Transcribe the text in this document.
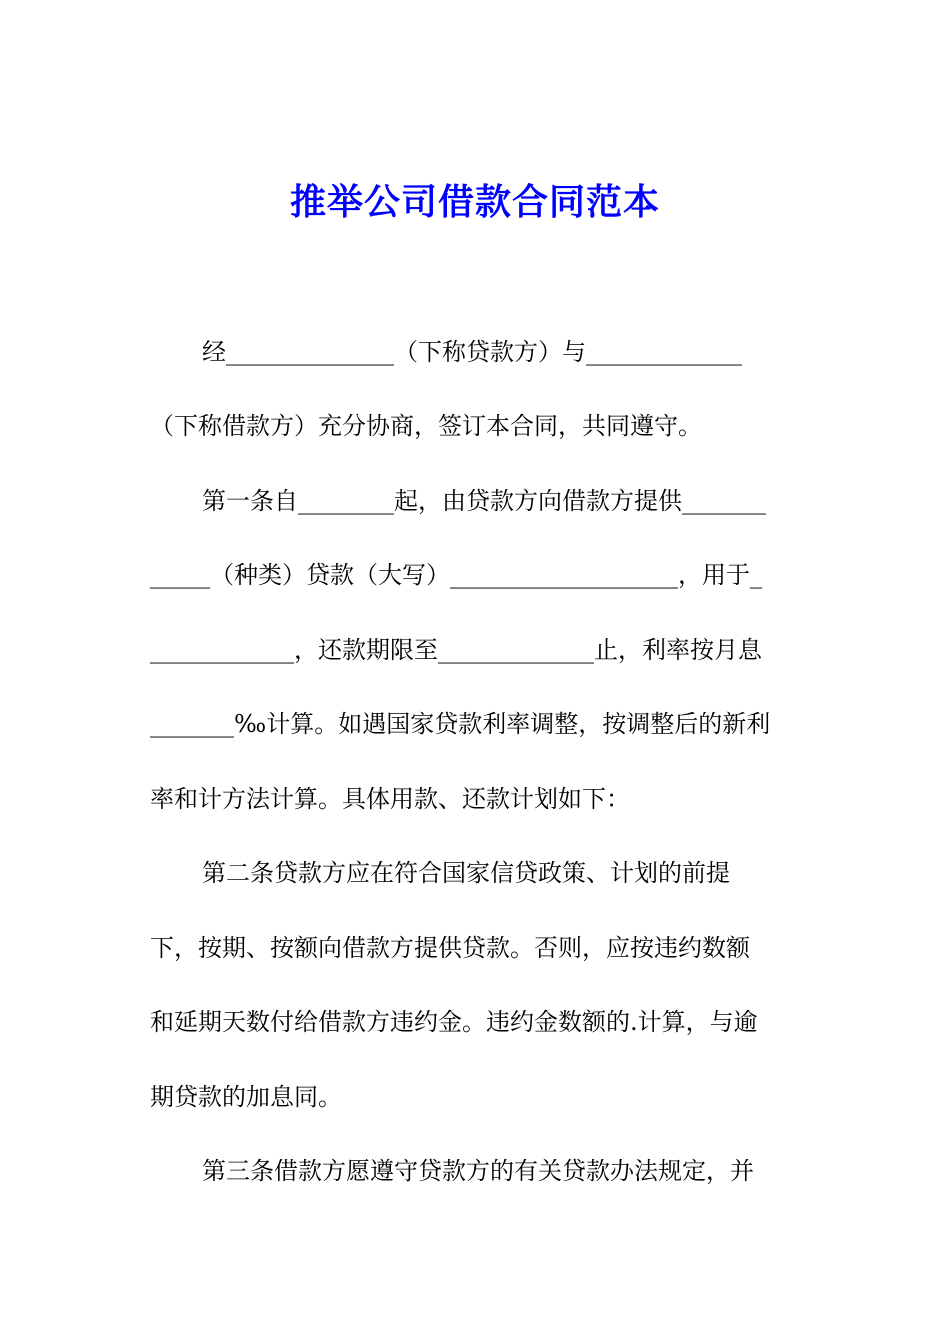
推举公司借款合同范本
经______________（下称贷款方）与_____________
（下称借款方）充分协商，签订本合同，共同遵守。
第一条自________起，由贷款方向借款方提供_______
_____（种类）贷款（大写）___________________，用于_
____________，还款期限至_____________止，利率按月息
_______‰计算。如遇国家贷款利率调整，按调整后的新利
率和计方法计算。具体用款、还款计划如下：
第二条贷款方应在符合国家信贷政策、计划的前提
下，按期、按额向借款方提供贷款。否则，应按违约数额
和延期天数付给借款方违约金。违约金数额的.计算，与逾
期贷款的加息同。
第三条借款方愿遵守贷款方的有关贷款办法规定，并
